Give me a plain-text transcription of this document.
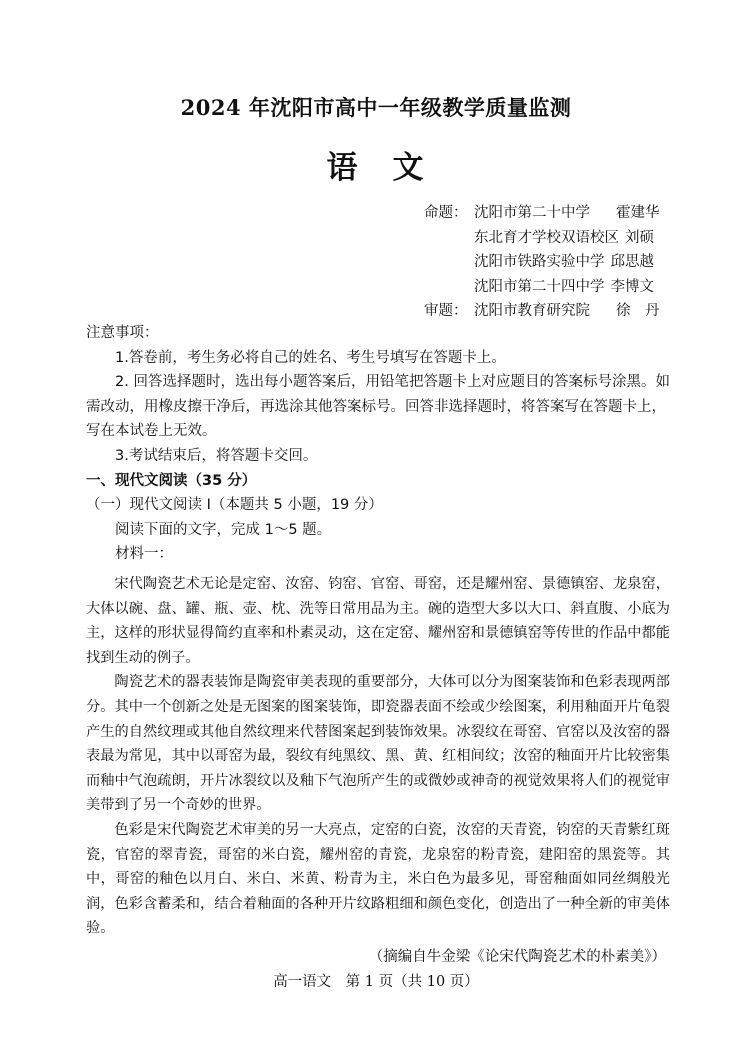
2024 年沈阳市高中一年级教学质量监测
语　文
命题： 沈阳市第二十中学 霍建华
东北育才学校双语校区 刘硕
沈阳市铁路实验中学 邱思越
沈阳市第二十四中学 李博文
审题： 沈阳市教育研究院 徐　丹

注意事项：

1.答卷前，考生务必将自己的姓名、考生号填写在答题卡上。

2. 回答选择题时，选出每小题答案后，用铅笔把答题卡上对应题目的答案标号涂黑。如需改动，用橡皮擦干净后，再选涂其他答案标号。回答非选择题时，将答案写在答题卡上，写在本试卷上无效。

3.考试结束后，将答题卡交回。

一、现代文阅读（35 分）

（一）现代文阅读 I（本题共 5 小题，19 分）

阅读下面的文字，完成 1～5 题。

材料一：

宋代陶瓷艺术无论是定窑、汝窑、钧窑、官窑、哥窑，还是耀州窑、景德镇窑、龙泉窑，大体以碗、盘、罐、瓶、壶、枕、洗等日常用品为主。碗的造型大多以大口、斜直腹、小底为主，这样的形状显得简约直率和朴素灵动，这在定窑、耀州窑和景德镇窑等传世的作品中都能找到生动的例子。

陶瓷艺术的器表装饰是陶瓷审美表现的重要部分，大体可以分为图案装饰和色彩表现两部分。其中一个创新之处是无图案的图案装饰，即瓷器表面不绘或少绘图案，利用釉面开片龟裂产生的自然纹理或其他自然纹理来代替图案起到装饰效果。冰裂纹在哥窑、官窑以及汝窑的器表最为常见，其中以哥窑为最，裂纹有纯黑纹、黑、黄、红相间纹；汝窑的釉面开片比较密集而釉中气泡疏朗，开片冰裂纹以及釉下气泡所产生的或微妙或神奇的视觉效果将人们的视觉审美带到了另一个奇妙的世界。

色彩是宋代陶瓷艺术审美的另一大亮点，定窑的白瓷，汝窑的天青瓷，钧窑的天青紫红斑瓷，官窑的翠青瓷，哥窑的米白瓷，耀州窑的青瓷，龙泉窑的粉青瓷，建阳窑的黑瓷等。其中，哥窑的釉色以月白、米白、米黄、粉青为主，米白色为最多见，哥窑釉面如同丝绸般光润，色彩含蓄柔和，结合着釉面的各种开片纹路粗细和颜色变化，创造出了一种全新的审美体验。

（摘编自牛金梁《论宋代陶瓷艺术的朴素美》）
高一语文　第 1 页（共 10 页）
